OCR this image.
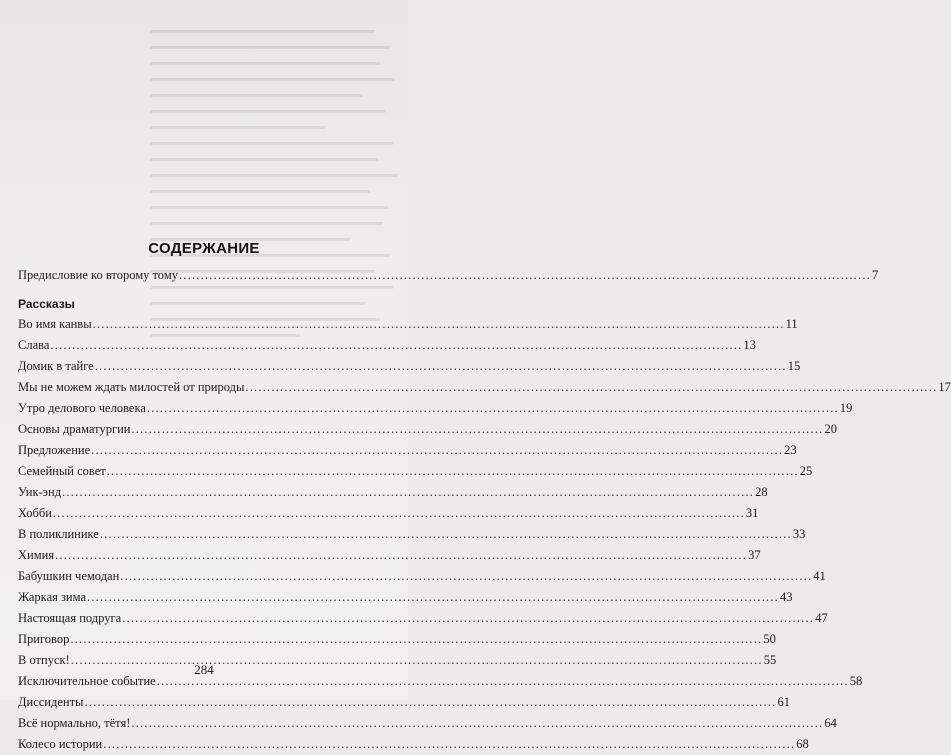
СОДЕРЖАНИЕ
Предисловие ко второму тому .....	7
Рассказы
Во имя канвы .....	11
Слава .....	13
Домик в тайге .....	15
Мы не можем ждать милостей от природы .....	17
Утро делового человека .....	19
Основы драматургии .....	20
Предложение .....	23
Семейный совет .....	25
Уик-энд .....	28
Хобби .....	31
В поликлинике .....	33
Химия .....	37
Бабушкин чемодан .....	41
Жаркая зима .....	43
Настоящая подруга .....	47
Приговор .....	50
В отпуск! .....	55
Исключительное событие .....	58
Диссиденты .....	61
Всё нормально, тётя! .....	64
Колесо истории .....	68
284
